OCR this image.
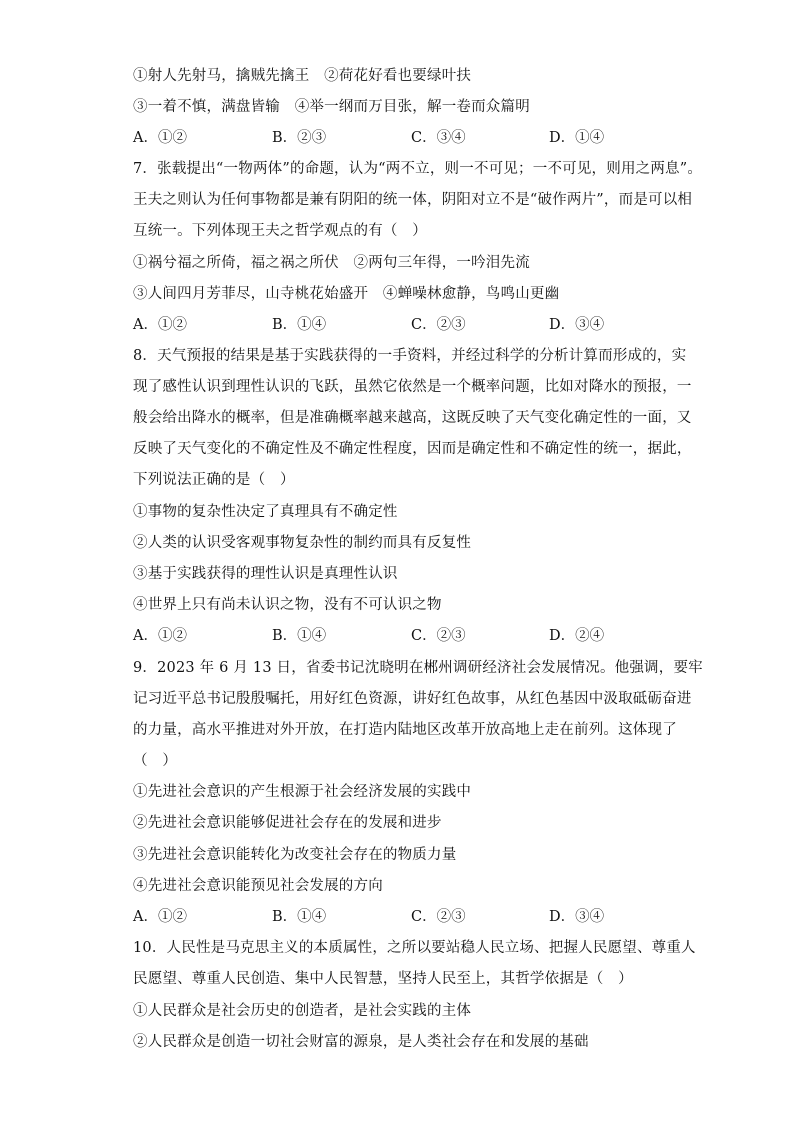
①射人先射马，擒贼先擒王　②荷花好看也要绿叶扶
③一着不慎，满盘皆输　④举一纲而万目张，解一卷而众篇明
A．①②	B．②③	C．③④	D．①④
7．张载提出“一物两体”的命题，认为“两不立，则一不可见；一不可见，则用之两息”。
王夫之则认为任何事物都是兼有阴阳的统一体，阴阳对立不是“破作两片”，而是可以相
互统一。下列体现王夫之哲学观点的有（　）
①祸兮福之所倚，福之祸之所伏　②两句三年得，一吟泪先流
③人间四月芳菲尽，山寺桃花始盛开　④蝉噪林愈静，鸟鸣山更幽
A．①②	B．①④	C．②③	D．③④
8．天气预报的结果是基于实践获得的一手资料，并经过科学的分析计算而形成的，实
现了感性认识到理性认识的飞跃，虽然它依然是一个概率问题，比如对降水的预报，一
般会给出降水的概率，但是准确概率越来越高，这既反映了天气变化确定性的一面，又
反映了天气变化的不确定性及不确定性程度，因而是确定性和不确定性的统一，据此，
下列说法正确的是（　）
①事物的复杂性决定了真理具有不确定性
②人类的认识受客观事物复杂性的制约而具有反复性
③基于实践获得的理性认识是真理性认识
④世界上只有尚未认识之物，没有不可认识之物
A．①②	B．①④	C．②③	D．②④
9．2023 年 6 月 13 日，省委书记沈晓明在郴州调研经济社会发展情况。他强调，要牢
记习近平总书记殷殷嘱托，用好红色资源，讲好红色故事，从红色基因中汲取砥砺奋进
的力量，高水平推进对外开放，在打造内陆地区改革开放高地上走在前列。这体现了
（　）
①先进社会意识的产生根源于社会经济发展的实践中
②先进社会意识能够促进社会存在的发展和进步
③先进社会意识能转化为改变社会存在的物质力量
④先进社会意识能预见社会发展的方向
A．①②	B．①④	C．②③	D．③④
10．人民性是马克思主义的本质属性，之所以要站稳人民立场、把握人民愿望、尊重人
民愿望、尊重人民创造、集中人民智慧，坚持人民至上，其哲学依据是（　）
①人民群众是社会历史的创造者，是社会实践的主体
②人民群众是创造一切社会财富的源泉，是人类社会存在和发展的基础
